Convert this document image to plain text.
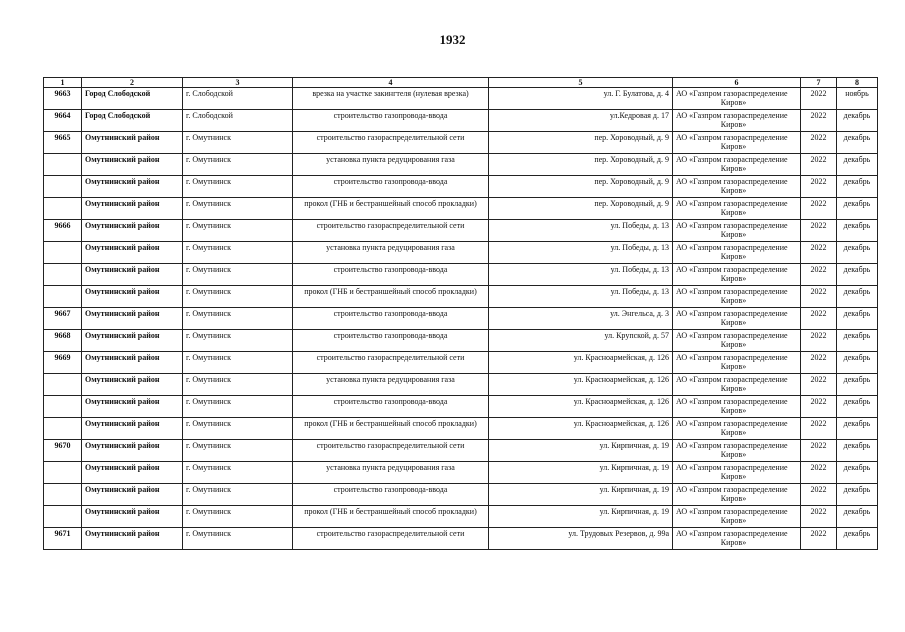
1932
1	2	3	4	5	6	7	8
9663	Город Слободской	г. Слободской	врезка на участке закингтеля (нулевая врезка)	ул. Г. Булатова, д. 4	АО «Газпром газораспределение
Киров»	2022	ноябрь
9664	Город Слободской	г. Слободской	строительство газопровода-ввода	ул.Кедровая д. 17	АО «Газпром газораспределение
Киров»	2022	декабрь
9665	Омутнинский район	г. Омутнинск	строительство газораспределительной сети	пер. Хороводный, д. 9	АО «Газпром газораспределение
Киров»	2022	декабрь
	Омутнинский район	г. Омутнинск	установка пункта редуцирования газа	пер. Хороводный, д. 9	АО «Газпром газораспределение
Киров»	2022	декабрь
	Омутнинский район	г. Омутнинск	строительство газопровода-ввода	пер. Хороводный, д. 9	АО «Газпром газораспределение
Киров»	2022	декабрь
	Омутнинский район	г. Омутнинск	прокол (ГНБ и бестраншейный способ прокладки)	пер. Хороводный, д. 9	АО «Газпром газораспределение
Киров»	2022	декабрь
9666	Омутнинский район	г. Омутнинск	строительство газораспределительной сети	ул. Победы, д. 13	АО «Газпром газораспределение
Киров»	2022	декабрь
	Омутнинский район	г. Омутнинск	установка пункта редуцирования газа	ул. Победы, д. 13	АО «Газпром газораспределение
Киров»	2022	декабрь
	Омутнинский район	г. Омутнинск	строительство газопровода-ввода	ул. Победы, д. 13	АО «Газпром газораспределение
Киров»	2022	декабрь
	Омутнинский район	г. Омутнинск	прокол (ГНБ и бестраншейный способ прокладки)	ул. Победы, д. 13	АО «Газпром газораспределение
Киров»	2022	декабрь
9667	Омутнинский район	г. Омутнинск	строительство газопровода-ввода	ул. Энгельса, д. 3	АО «Газпром газораспределение
Киров»	2022	декабрь
9668	Омутнинский район	г. Омутнинск	строительство газопровода-ввода	ул. Крупской, д. 57	АО «Газпром газораспределение
Киров»	2022	декабрь
9669	Омутнинский район	г. Омутнинск	строительство газораспределительной сети	ул. Красноармейская, д. 126	АО «Газпром газораспределение
Киров»	2022	декабрь
	Омутнинский район	г. Омутнинск	установка пункта редуцирования газа	ул. Красноармейская, д. 126	АО «Газпром газораспределение
Киров»	2022	декабрь
	Омутнинский район	г. Омутнинск	строительство газопровода-ввода	ул. Красноармейская, д. 126	АО «Газпром газораспределение
Киров»	2022	декабрь
	Омутнинский район	г. Омутнинск	прокол (ГНБ и бестраншейный способ прокладки)	ул. Красноармейская, д. 126	АО «Газпром газораспределение
Киров»	2022	декабрь
9670	Омутнинский район	г. Омутнинск	строительство газораспределительной сети	ул. Кирпичная, д. 19	АО «Газпром газораспределение
Киров»	2022	декабрь
	Омутнинский район	г. Омутнинск	установка пункта редуцирования газа	ул. Кирпичная, д. 19	АО «Газпром газораспределение
Киров»	2022	декабрь
	Омутнинский район	г. Омутнинск	строительство газопровода-ввода	ул. Кирпичная, д. 19	АО «Газпром газораспределение
Киров»	2022	декабрь
	Омутнинский район	г. Омутнинск	прокол (ГНБ и бестраншейный способ прокладки)	ул. Кирпичная, д. 19	АО «Газпром газораспределение
Киров»	2022	декабрь
9671	Омутнинский район	г. Омутнинск	строительство газораспределительной сети	ул. Трудовых Резервов, д. 99а	АО «Газпром газораспределение
Киров»	2022	декабрь
